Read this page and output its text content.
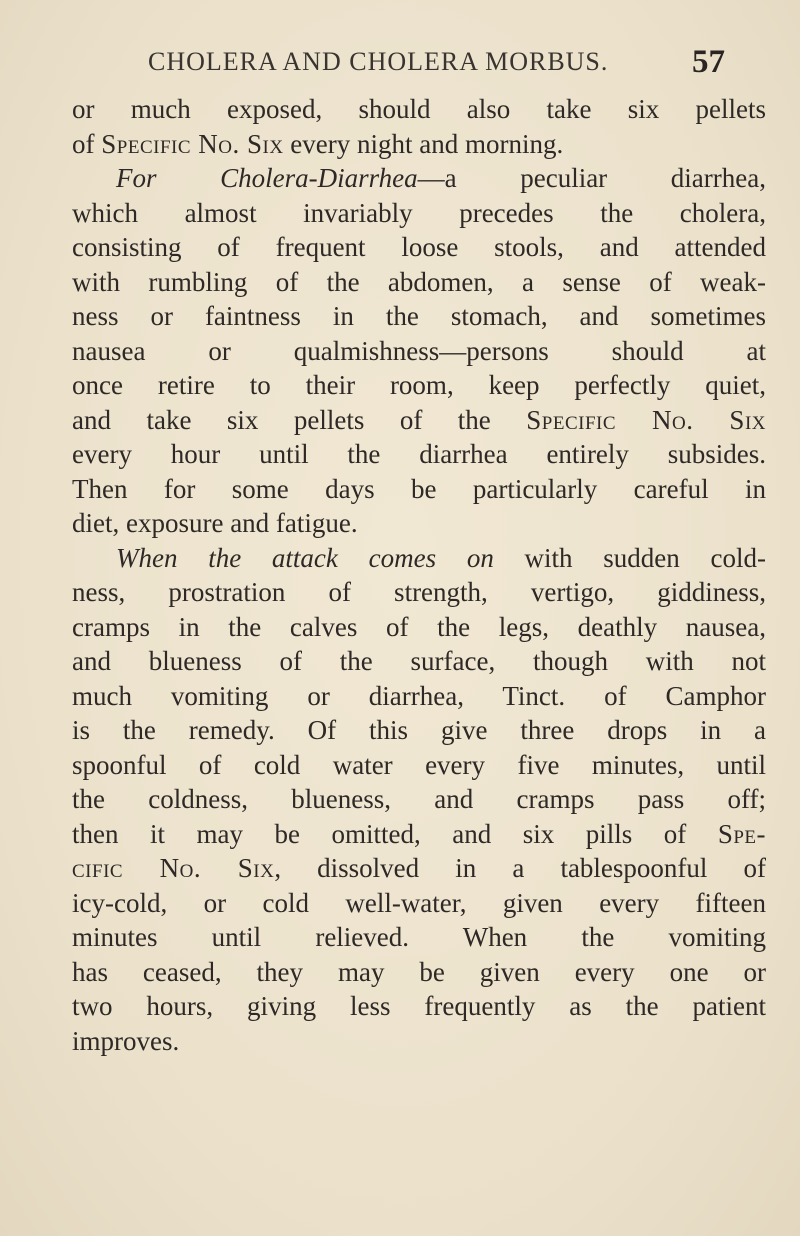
CHOLERA AND CHOLERA MORBUS.	57
or much exposed, should also take six pellets
of Specific No. Six every night and morning.
For Cholera-Diarrhea—a peculiar diarrhea,
which almost invariably precedes the cholera,
consisting of frequent loose stools, and attended
with rumbling of the abdomen, a sense of weak-
ness or faintness in the stomach, and sometimes
nausea or qualmishness—persons should at
once retire to their room, keep perfectly quiet,
and take six pellets of the Specific No. Six
every hour until the diarrhea entirely subsides.
Then for some days be particularly careful in
diet, exposure and fatigue.
When the attack comes on with sudden cold-
ness, prostration of strength, vertigo, giddiness,
cramps in the calves of the legs, deathly nausea,
and blueness of the surface, though with not
much vomiting or diarrhea, Tinct. of Camphor
is the remedy. Of this give three drops in a
spoonful of cold water every five minutes, until
the coldness, blueness, and cramps pass off;
then it may be omitted, and six pills of Spe-
cific No. Six, dissolved in a tablespoonful of
icy-cold, or cold well-water, given every fifteen
minutes until relieved. When the vomiting
has ceased, they may be given every one or
two hours, giving less frequently as the patient
improves.
